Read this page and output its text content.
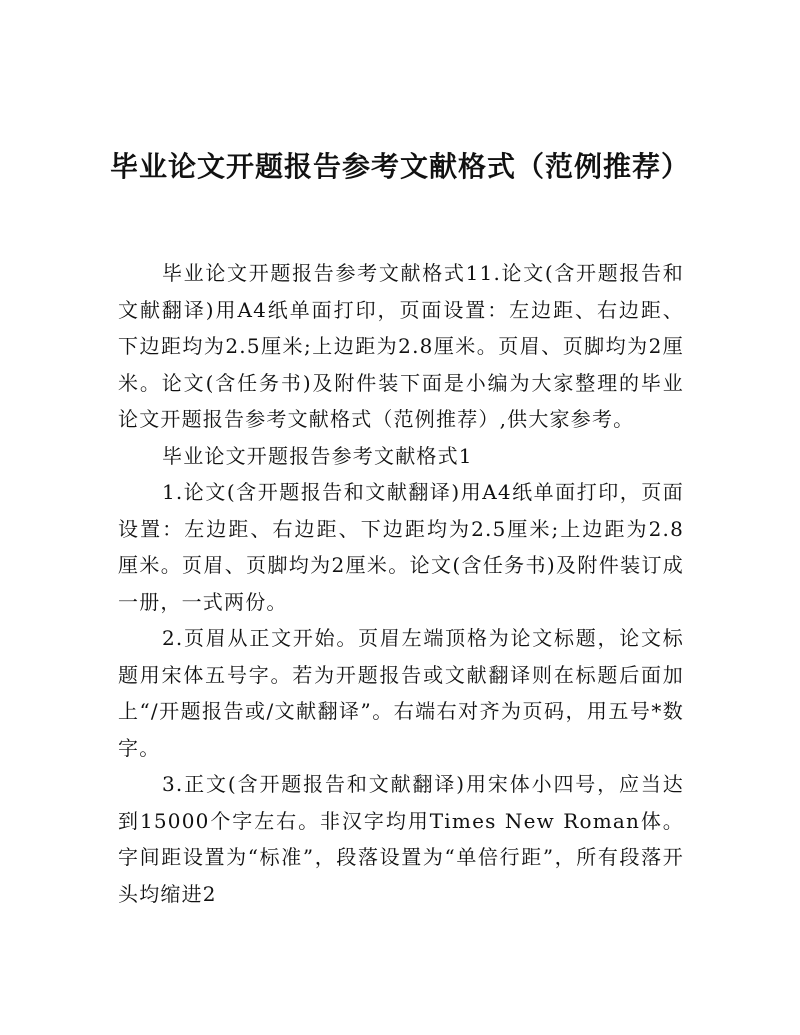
毕业论文开题报告参考文献格式（范例推荐）

毕业论文开题报告参考文献格式11.论文(含开题报告和文献翻译)用A4纸单面打印，页面设置：左边距、右边距、下边距均为2.5厘米;上边距为2.8厘米。页眉、页脚均为2厘米。论文(含任务书)及附件装下面是小编为大家整理的毕业论文开题报告参考文献格式（范例推荐）,供大家参考。

毕业论文开题报告参考文献格式1

1.论文(含开题报告和文献翻译)用A4纸单面打印，页面设置：左边距、右边距、下边距均为2.5厘米;上边距为2.8厘米。页眉、页脚均为2厘米。论文(含任务书)及附件装订成一册，一式两份。

2.页眉从正文开始。页眉左端顶格为论文标题，论文标题用宋体五号字。若为开题报告或文献翻译则在标题后面加上“/开题报告或/文献翻译”。右端右对齐为页码，用五号*数字。

3.正文(含开题报告和文献翻译)用宋体小四号，应当达到15000个字左右。非汉字均用Times New Roman体。字间距设置为“标准”，段落设置为“单倍行距”，所有段落开头均缩进2
